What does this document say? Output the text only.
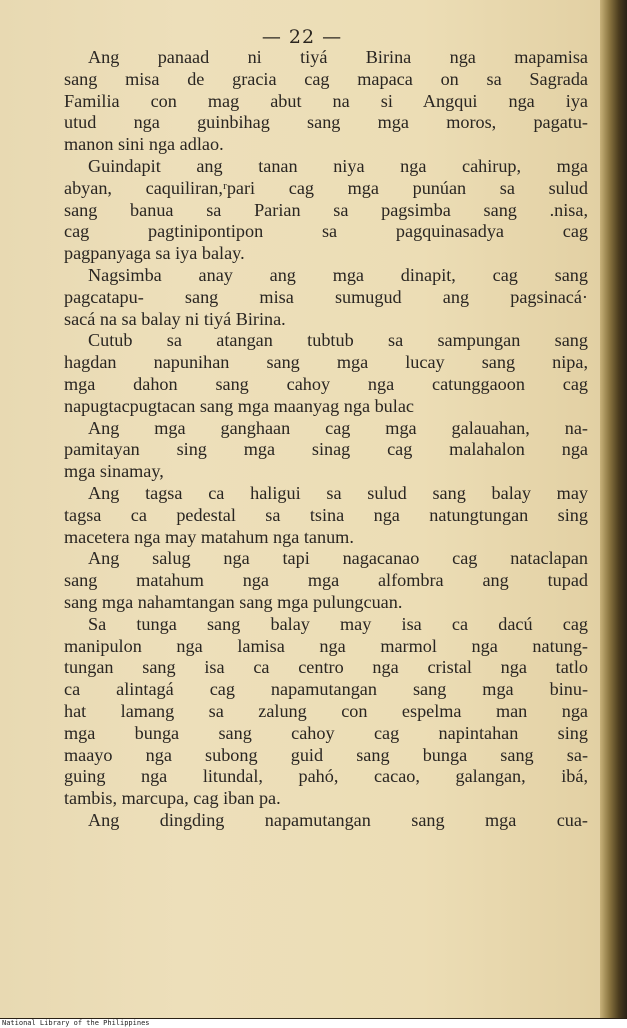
— 22 —
Ang panaad ni tiyá Birina nga mapamisa
sang misa de gracia cag mapaca on sa Sagrada
Familia con mag abut na si Angqui nga iya
utud nga guinbihag sang mga moros, pagatu-
manon sini nga adlao.
Guindapit ang tanan niya nga cahirup, mga
abyan, caquiliran,ʳpari cag mga punúan sa sulud
sang banua sa Parian sa pagsimba sang .nisa,
cag pagtinipontipon sa pagquinasadya cag
pagpanyaga sa iya balay.
Nagsimba anay ang mga dinapit, cag sang
pagcatapu- sang misa sumugud ang pagsinacá·
sacá na sa balay ni tiyá Birina.
Cutub sa atangan tubtub sa sampungan sang
hagdan napunihan sang mga lucay sang nipa,
mga dahon sang cahoy nga catunggaoon cag
napugtacpugtacan sang mga maanyag nga bulac
Ang mga ganghaan cag mga galauahan, na-
pamitayan sing mga sinag cag malahalon nga
mga sinamay,
Ang tagsa ca haligui sa sulud sang balay may
tagsa ca pedestal sa tsina nga natungtungan sing
macetera nga may matahum nga tanum.
Ang salug nga tapi nagacanao cag nataclapan
sang matahum nga mga alfombra ang tupad
sang mga nahamtangan sang mga pulungcuan.
Sa tunga sang balay may isa ca dacú cag
manipulon nga lamisa nga marmol nga natung-
tungan sang isa ca centro nga cristal nga tatlo
ca alintagá cag napamutangan sang mga binu-
hat lamang sa zalung con espelma man nga
mga bunga sang cahoy cag napintahan sing
maayo nga subong guid sang bunga sang sa-
guing nga litundal, pahó, cacao, galangan, ibá,
tambis, marcupa, cag iban pa.
Ang dingding napamutangan sang mga cua-
National Library of the Philippines
